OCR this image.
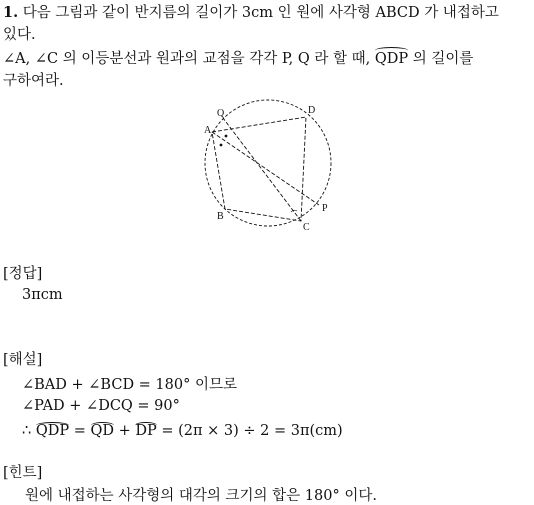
1. 다음 그림과 같이 반지름의 길이가 3cm 인 원에 사각형 ABCD 가 내접하고
있다.
∠A, ∠C 의 이등분선과 원과의 교점을 각각 P, Q 라 할 때, QDP 의 길이를
구하여라.
Q
A
D
P
B
C
[정답]
3πcm
[해설]
∠BAD + ∠BCD = 180° 이므로
∠PAD + ∠DCQ = 90°
∴ QDP = QD + DP = (2π × 3) ÷ 2 = 3π(cm)
[힌트]
원에 내접하는 사각형의 대각의 크기의 합은 180° 이다.
